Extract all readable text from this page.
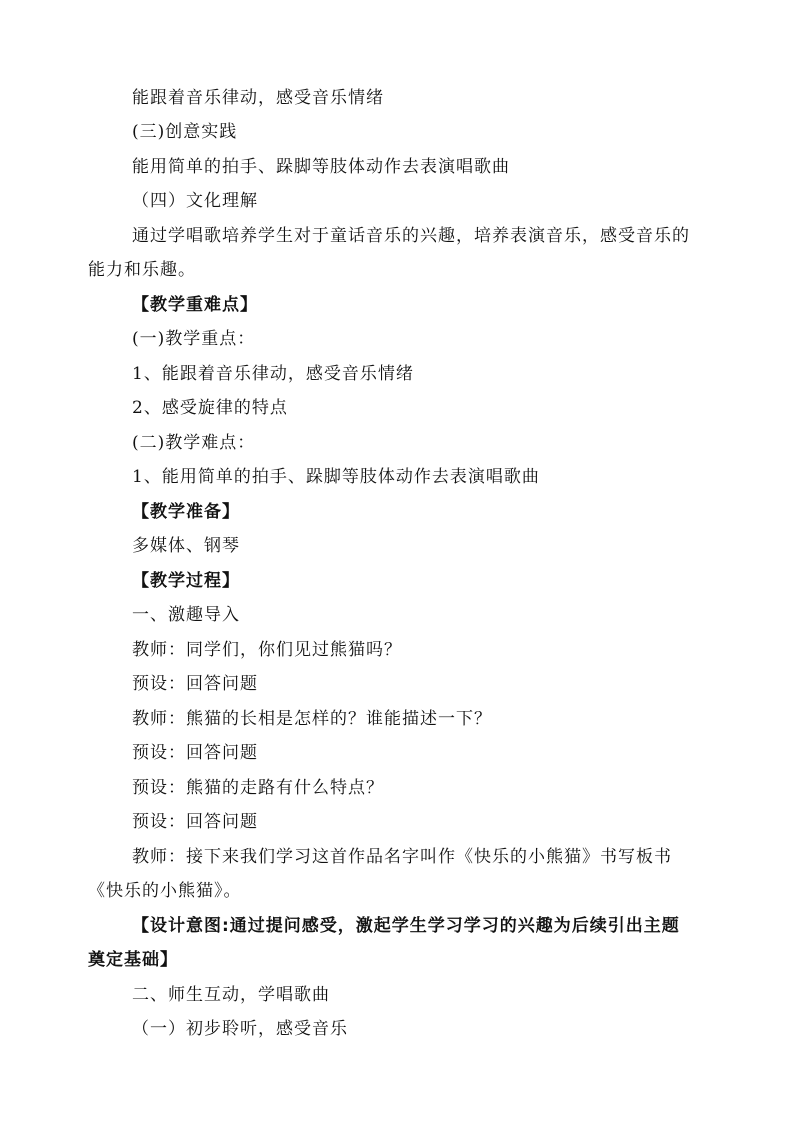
能跟着音乐律动，感受音乐情绪
(三)创意实践
能用简单的拍手、跺脚等肢体动作去表演唱歌曲
（四）文化理解
通过学唱歌培养学生对于童话音乐的兴趣，培养表演音乐，感受音乐的
能力和乐趣。
【教学重难点】
(一)教学重点：
1、能跟着音乐律动，感受音乐情绪
2、感受旋律的特点
(二)教学难点：
1、能用简单的拍手、跺脚等肢体动作去表演唱歌曲
【教学准备】
多媒体、钢琴
【教学过程】
一、激趣导入
教师：同学们，你们见过熊猫吗？
预设：回答问题
教师：熊猫的长相是怎样的？谁能描述一下？
预设：回答问题
预设：熊猫的走路有什么特点？
预设：回答问题
教师：接下来我们学习这首作品名字叫作《快乐的小熊猫》书写板书
《快乐的小熊猫》。
【设计意图:通过提问感受，激起学生学习学习的兴趣为后续引出主题
奠定基础】
二、师生互动，学唱歌曲
（一）初步聆听，感受音乐
